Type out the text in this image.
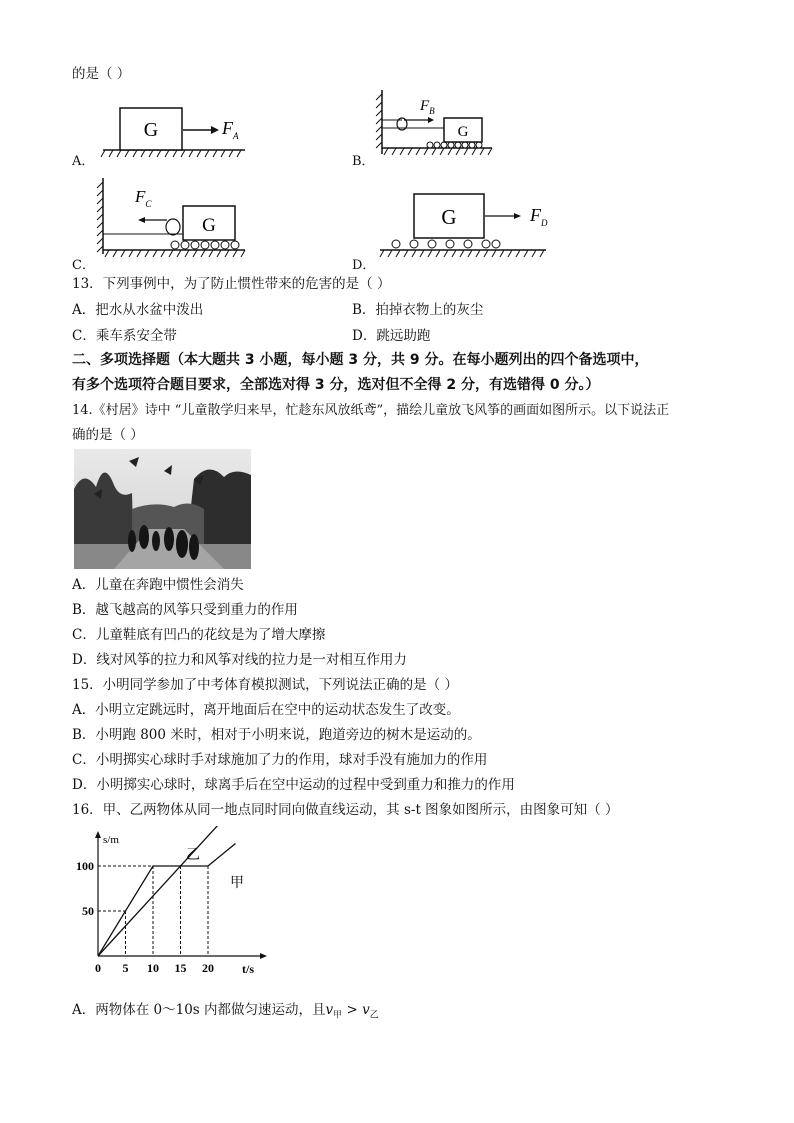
的是（ ）
A．
G	$F_A$
B．
G
$F_B$
C．
G
$F_C$
D．
G	$F_D$
13．下列事例中，为了防止惯性带来的危害的是（ ）
A．把水从水盆中泼出	B．拍掉衣物上的灰尘
C．乘车系安全带	D．跳远助跑
二、多项选择题（本大题共 3 小题，每小题 3 分，共 9 分。在每小题列出的四个备选项中，
有多个选项符合题目要求，全部选对得 3 分，选对但不全得 2 分，有选错得 0 分。）
14.《村居》诗中 “儿童散学归来早，忙趁东风放纸鸢”，描绘儿童放飞风筝的画面如图所示。以下说法正
确的是（ ）
A．儿童在奔跑中惯性会消失
B．越飞越高的风筝只受到重力的作用
C．儿童鞋底有凹凸的花纹是为了增大摩擦
D．线对风筝的拉力和风筝对线的拉力是一对相互作用力
15．小明同学参加了中考体育模拟测试，下列说法正确的是（ ）
A．小明立定跳远时，离开地面后在空中的运动状态发生了改变。
B．小明跑 800 米时，相对于小明来说，跑道旁边的树木是运动的。
C．小明掷实心球时手对球施加了力的作用，球对手没有施加力的作用
D．小明掷实心球时，球离手后在空中运动的过程中受到重力和推力的作用
16．甲、乙两物体从同一地点同时同向做直线运动，其 s-t 图象如图所示，由图象可知（ ）
s/m
t/s
0 5 10 15 20
50
100
乙
甲
A．两物体在 0～10s 内都做匀速运动，且$v_甲 > v_乙$
